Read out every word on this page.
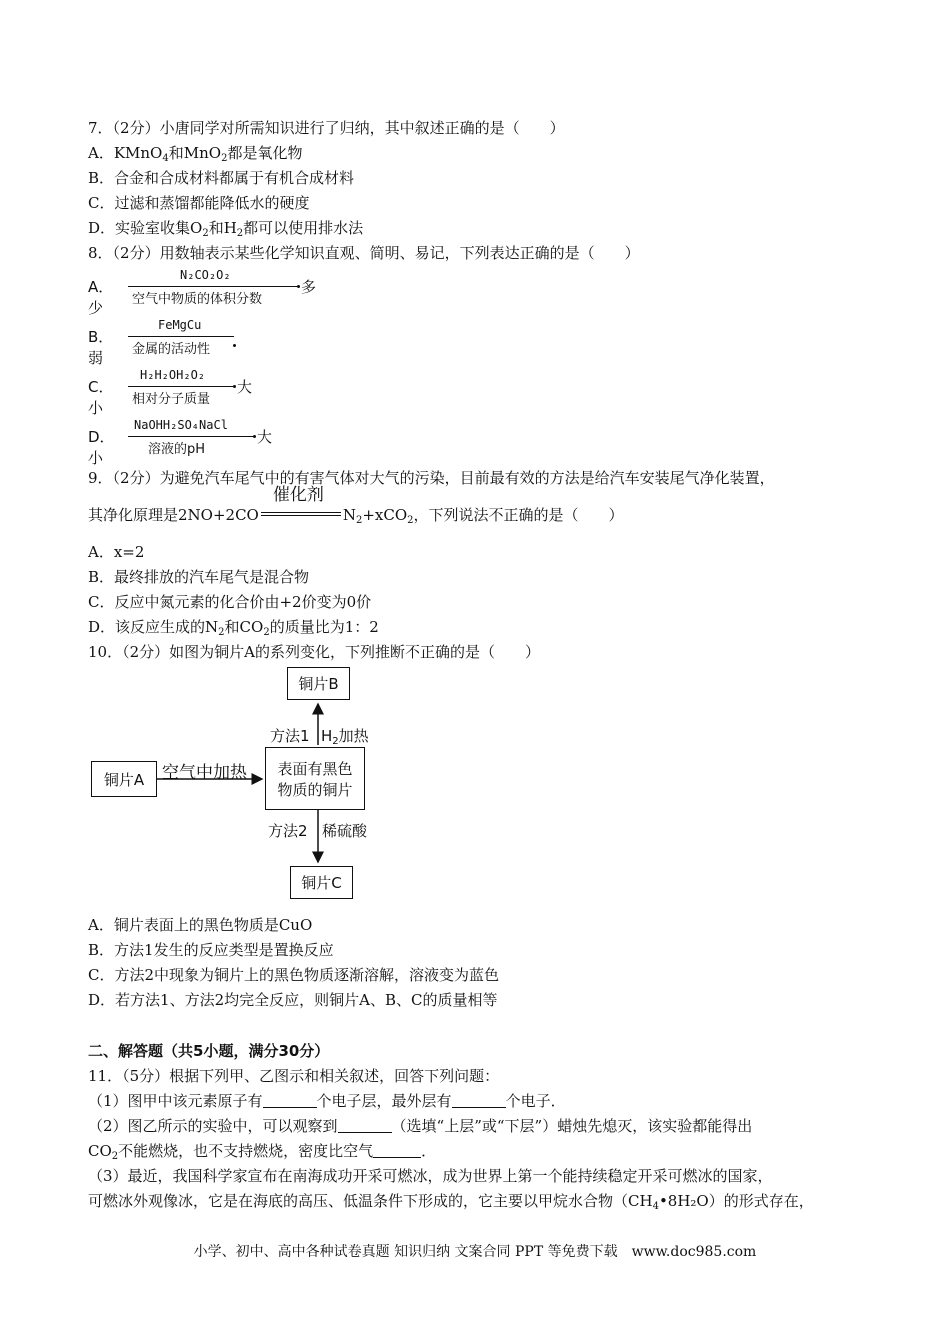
7．（2分）小唐同学对所需知识进行了归纳，其中叙述正确的是（　　）
A．KMnO$_4$和MnO$_2$都是氧化物
B．合金和合成材料都属于有机合成材料
C．过滤和蒸馏都能降低水的硬度
D．实验室收集$O_2$和$H_2$都可以使用排水法
8．（2分）用数轴表示某些化学知识直观、简明、易记，下列表达正确的是（　　）
A．少
N₂CO₂O₂
空气中物质的体积分数
多
B．弱
FeMgCu
金属的活动性
C．小
H₂H₂OH₂O₂
相对分子质量
大
D．小
NaOHH₂SO₄NaCl
溶液的pH
大
9．（2分）为避免汽车尾气中的有害气体对大气的污染，目前最有效的方法是给汽车安装尾气净化装置，
其净化原理是2NO+2CO
催化剂
$N_2+xCO_2$，下列说法不正确的是（　　）
A．x=2
B．最终排放的汽车尾气是混合物
C．反应中氮元素的化合价由+2价变为0价
D．该反应生成的$N_2$和$CO_2$的质量比为1：2
10．（2分）如图为铜片A的系列变化，下列推断不正确的是（　　）
铜片A
铜片B
铜片C
表面有黑色
物质的铜片
空气中加热
方法1 $H_2$加热
方法2 稀硫酸
A．铜片表面上的黑色物质是CuO
B．方法1发生的反应类型是置换反应
C．方法2中现象为铜片上的黑色物质逐渐溶解，溶液变为蓝色
D．若方法1、方法2均完全反应，则铜片A、B、C的质量相等
二、解答题（共5小题，满分30分）
11．（5分）根据下列甲、乙图示和相关叙述，回答下列问题：
（1）图甲中该元素原子有	个电子层，最外层有	个电子．
（2）图乙所示的实验中，可以观察到	（选填“上层”或“下层”）蜡烛先熄灭，该实验都能得出
$CO_2$不能燃烧，也不支持燃烧，密度比空气	．
（3）最近，我国科学家宣布在南海成功开采可燃冰，成为世界上第一个能持续稳定开采可燃冰的国家，
可燃冰外观像冰，它是在海底的高压、低温条件下形成的，它主要以甲烷水合物$(CH_4•8H_2O)$的形式存在，
小学、初中、高中各种试卷真题 知识归纳 文案合同 PPT 等免费下载　www.doc985.com
